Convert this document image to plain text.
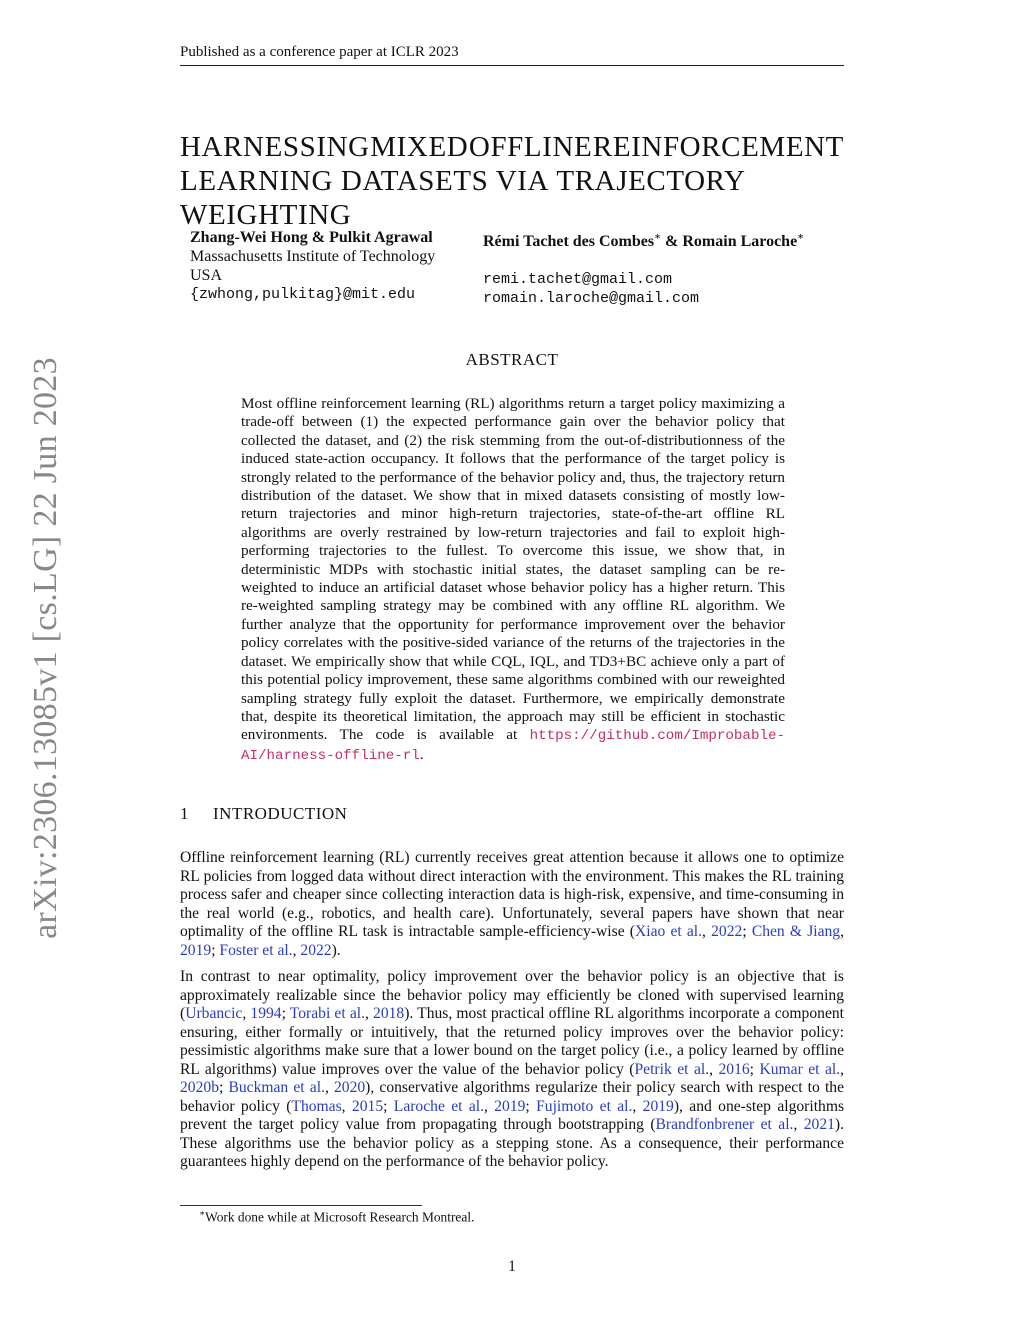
Published as a conference paper at ICLR 2023
arXiv:2306.13085v1 [cs.LG] 22 Jun 2023
HARNESSING MIXED OFFLINE REINFORCEMENT
LEARNING DATASETS VIA TRAJECTORY WEIGHTING
Zhang-Wei Hong & Pulkit Agrawal
Massachusetts Institute of Technology
USA
{zwhong,pulkitag}@mit.edu
Rémi Tachet des Combes∗ & Romain Laroche∗

remi.tachet@gmail.com
romain.laroche@gmail.com
ABSTRACT
Most offline reinforcement learning (RL) algorithms return a target policy maximizing a trade-off between (1) the expected performance gain over the behavior policy that collected the dataset, and (2) the risk stemming from the out-of-distributionness of the induced state-action occupancy. It follows that the performance of the target policy is strongly related to the performance of the behavior policy and, thus, the trajectory return distribution of the dataset. We show that in mixed datasets consisting of mostly low-return trajectories and minor high-return trajectories, state-of-the-art offline RL algorithms are overly restrained by low-return trajectories and fail to exploit high-performing trajectories to the fullest. To overcome this issue, we show that, in deterministic MDPs with stochastic initial states, the dataset sampling can be re-weighted to induce an artificial dataset whose behavior policy has a higher return. This re-weighted sampling strategy may be combined with any offline RL algorithm. We further analyze that the opportunity for performance improvement over the behavior policy correlates with the positive-sided variance of the returns of the trajectories in the dataset. We empirically show that while CQL, IQL, and TD3+BC achieve only a part of this potential policy improvement, these same algorithms combined with our reweighted sampling strategy fully exploit the dataset. Furthermore, we empirically demonstrate that, despite its theoretical limitation, the approach may still be efficient in stochastic environments. The code is available at https://github.com/Improbable-AI/harness-offline-rl.
1 INTRODUCTION
Offline reinforcement learning (RL) currently receives great attention because it allows one to optimize RL policies from logged data without direct interaction with the environment. This makes the RL training process safer and cheaper since collecting interaction data is high-risk, expensive, and time-consuming in the real world (e.g., robotics, and health care). Unfortunately, several papers have shown that near optimality of the offline RL task is intractable sample-efficiency-wise (Xiao et al., 2022; Chen & Jiang, 2019; Foster et al., 2022).
In contrast to near optimality, policy improvement over the behavior policy is an objective that is approximately realizable since the behavior policy may efficiently be cloned with supervised learning (Urbancic, 1994; Torabi et al., 2018). Thus, most practical offline RL algorithms incorporate a component ensuring, either formally or intuitively, that the returned policy improves over the behavior policy: pessimistic algorithms make sure that a lower bound on the target policy (i.e., a policy learned by offline RL algorithms) value improves over the value of the behavior policy (Petrik et al., 2016; Kumar et al., 2020b; Buckman et al., 2020), conservative algorithms regularize their policy search with respect to the behavior policy (Thomas, 2015; Laroche et al., 2019; Fujimoto et al., 2019), and one-step algorithms prevent the target policy value from propagating through bootstrapping (Brandfonbrener et al., 2021). These algorithms use the behavior policy as a stepping stone. As a consequence, their performance guarantees highly depend on the performance of the behavior policy.
∗Work done while at Microsoft Research Montreal.
1
